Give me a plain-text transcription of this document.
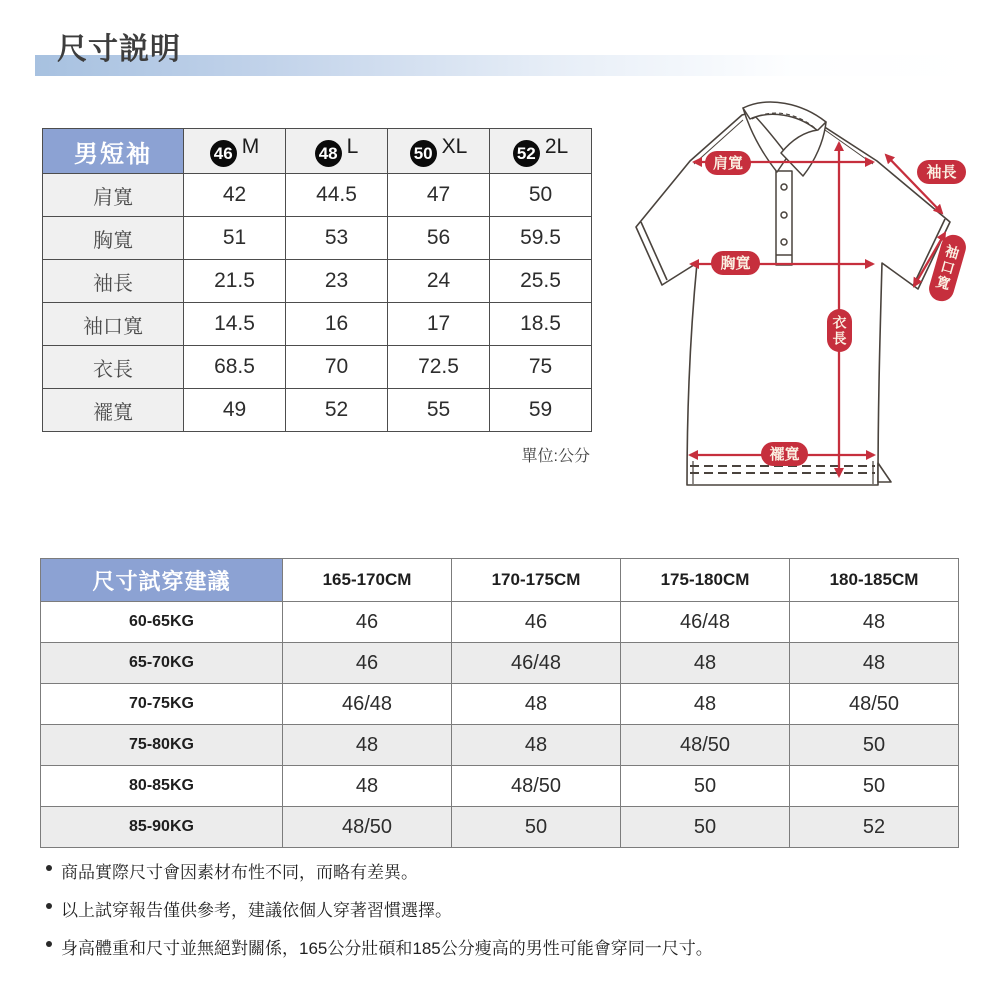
尺寸説明
男短袖	46 M	48 L	50 XL	52 2L
肩寬	42	44.5	47	50
胸寬	51	53	56	59.5
袖長	21.5	23	24	25.5
袖口寬	14.5	16	17	18.5
衣長	68.5	70	72.5	75
襬寬	49	52	55	59
單位:公分
肩寬
胸寬
袖長
襬寬
衣長
袖口寬
尺寸試穿建議	165-170CM	170-175CM	175-180CM	180-185CM
60-65KG	46	46	46/48	48
65-70KG	46	46/48	48	48
70-75KG	46/48	48	48	48/50
75-80KG	48	48	48/50	50
80-85KG	48	48/50	50	50
85-90KG	48/50	50	50	52
商品實際尺寸會因素材布性不同，而略有差異。
以上試穿報告僅供參考，建議依個人穿著習慣選擇。
身高體重和尺寸並無絕對關係，165公分壯碩和185公分瘦高的男性可能會穿同一尺寸。
